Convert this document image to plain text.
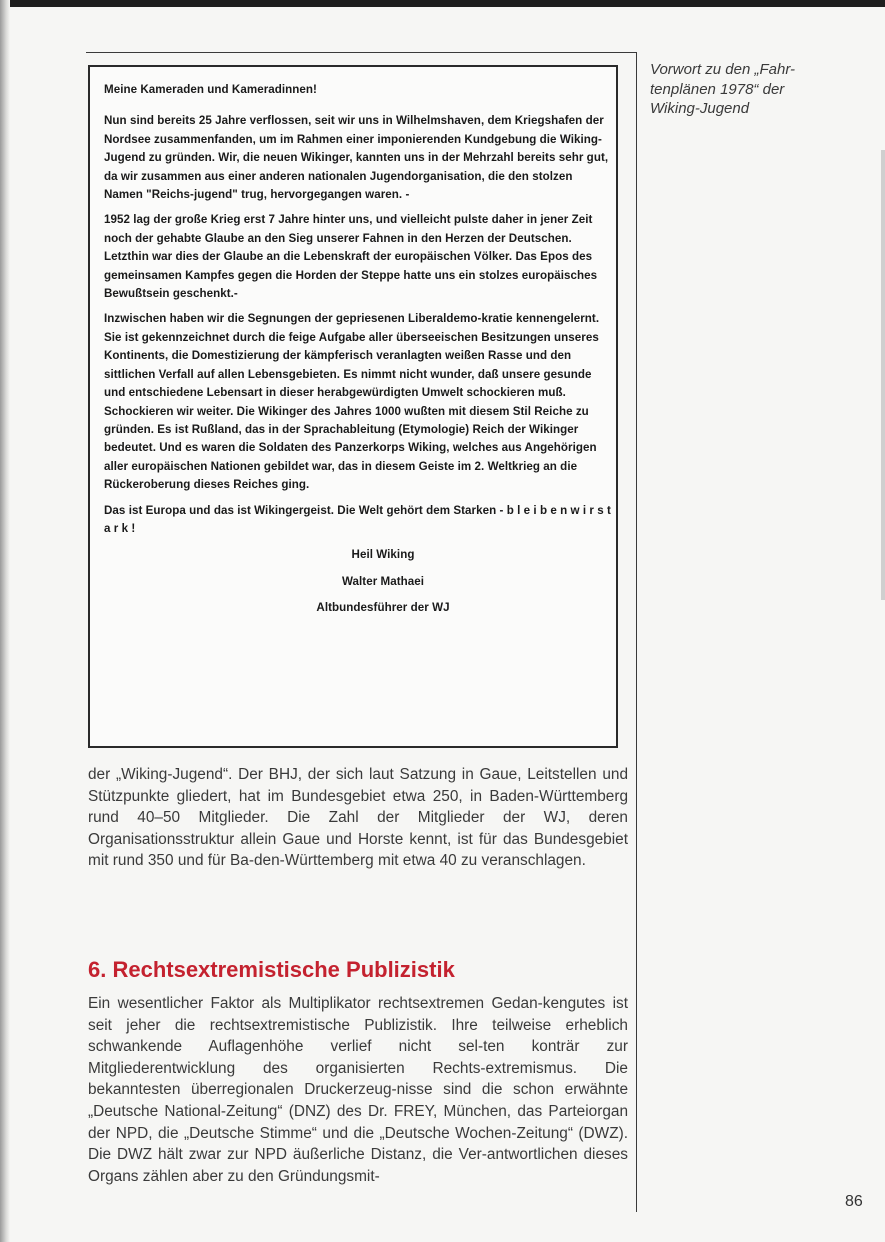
Meine Kameraden und Kameradinnen!

Nun sind bereits 25 Jahre verflossen, seit wir uns in Wilhelmshaven, dem Kriegshafen der Nordsee zusammenfanden, um im Rahmen einer imponierenden Kundgebung die Wiking-Jugend zu gründen. Wir, die neuen Wikinger, kannten uns in der Mehrzahl bereits sehr gut, da wir zusammen aus einer anderen nationalen Jugendorganisation, die den stolzen Namen "Reichs-jugend" trug, hervorgegangen waren. -

1952 lag der große Krieg erst 7 Jahre hinter uns, und vielleicht pulste daher in jener Zeit noch der gehabte Glaube an den Sieg unserer Fahnen in den Herzen der Deutschen. Letzthin war dies der Glaube an die Lebenskraft der europäischen Völker. Das Epos des gemeinsamen Kampfes gegen die Horden der Steppe hatte uns ein stolzes europäisches Bewußtsein geschenkt.-

Inzwischen haben wir die Segnungen der gepriesenen Liberaldemo-kratie kennengelernt. Sie ist gekennzeichnet durch die feige Aufgabe aller überseeischen Besitzungen unseres Kontinents, die Domestizierung der kämpferisch veranlagten weißen Rasse und den sittlichen Verfall auf allen Lebensgebieten. Es nimmt nicht wunder, daß unsere gesunde und entschiedene Lebensart in dieser herabgewürdigten Umwelt schockieren muß. Schockieren wir weiter. Die Wikinger des Jahres 1000 wußten mit diesem Stil Reiche zu gründen. Es ist Rußland, das in der Sprachableitung (Etymologie) Reich der Wikinger bedeutet. Und es waren die Soldaten des Panzerkorps Wiking, welches aus Angehörigen aller europäischen Nationen gebildet war, das in diesem Geiste im 2. Weltkrieg an die Rückeroberung dieses Reiches ging.

Das ist Europa und das ist Wikingergeist. Die Welt gehört dem Starken - b l e i b e n w i r s t a r k !

Heil Wiking
Walter Mathaei
Altbundesführer der WJ
Vorwort zu den „Fahr-tenplänen 1978“ der Wiking-Jugend

der „Wiking-Jugend“. Der BHJ, der sich laut Satzung in Gaue, Leitstellen und Stützpunkte gliedert, hat im Bundesgebiet etwa 250, in Baden-Württemberg rund 40–50 Mitglieder. Die Zahl der Mitglieder der WJ, deren Organisationsstruktur allein Gaue und Horste kennt, ist für das Bundesgebiet mit rund 350 und für Ba-den-Württemberg mit etwa 40 zu veranschlagen.

6. Rechtsextremistische Publizistik

Ein wesentlicher Faktor als Multiplikator rechtsextremen Gedan-kengutes ist seit jeher die rechtsextremistische Publizistik. Ihre teilweise erheblich schwankende Auflagenhöhe verlief nicht sel-ten konträr zur Mitgliederentwicklung des organisierten Rechts-extremismus. Die bekanntesten überregionalen Druckerzeug-nisse sind die schon erwähnte „Deutsche National-Zeitung“ (DNZ) des Dr. FREY, München, das Parteiorgan der NPD, die „Deutsche Stimme“ und die „Deutsche Wochen-Zeitung“ (DWZ). Die DWZ hält zwar zur NPD äußerliche Distanz, die Ver-antwortlichen dieses Organs zählen aber zu den Gründungsmit-

86
